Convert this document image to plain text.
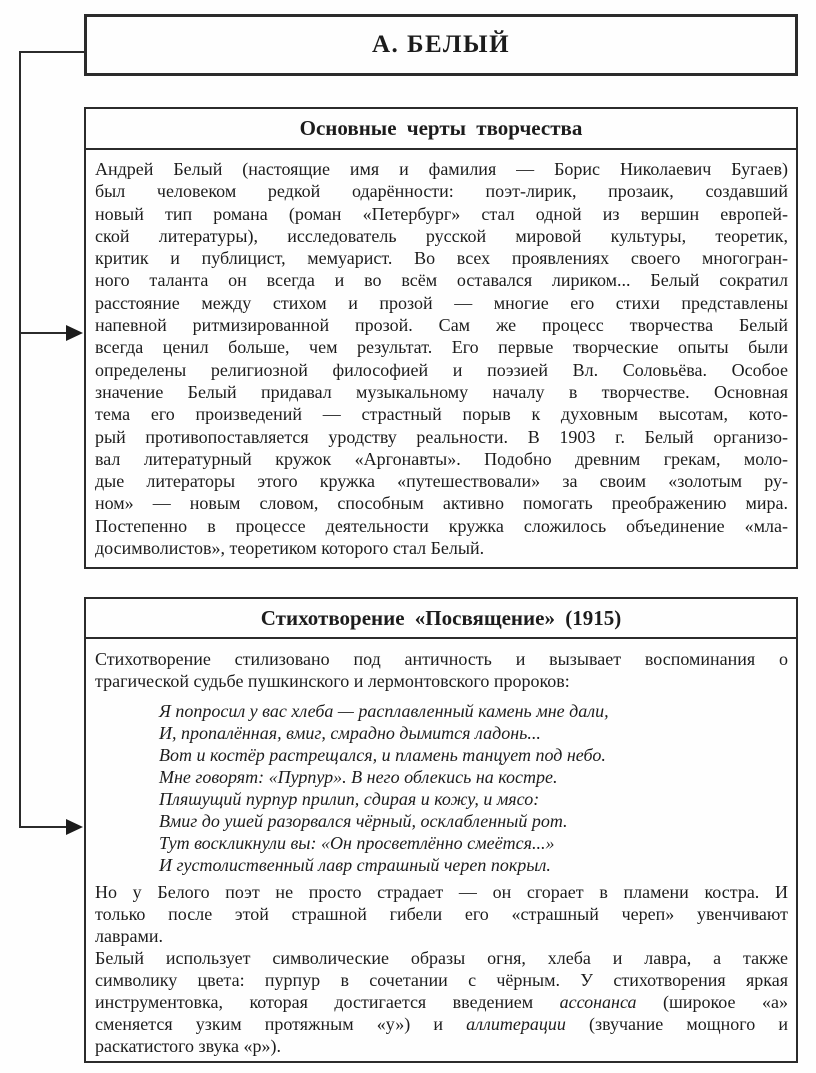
А. БЕЛЫЙ
Основные черты творчества
Андрей Белый (настоящие имя и фамилия — Борис Николаевич Бугаев)
был человеком редкой одарённости: поэт-лирик, прозаик, создавший
новый тип романа (роман «Петербург» стал одной из вершин европей-
ской литературы), исследователь русской мировой культуры, теоретик,
критик и публицист, мемуарист. Во всех проявлениях своего многогран-
ного таланта он всегда и во всём оставался лириком... Белый сократил
расстояние между стихом и прозой — многие его стихи представлены
напевной ритмизированной прозой. Сам же процесс творчества Белый
всегда ценил больше, чем результат. Его первые творческие опыты были
определены религиозной философией и поэзией Вл. Соловьёва. Особое
значение Белый придавал музыкальному началу в творчестве. Основная
тема его произведений — страстный порыв к духовным высотам, кото-
рый противопоставляется уродству реальности. В 1903 г. Белый организо-
вал литературный кружок «Аргонавты». Подобно древним грекам, моло-
дые литераторы этого кружка «путешествовали» за своим «золотым ру-
ном» — новым словом, способным активно помогать преображению мира.
Постепенно в процессе деятельности кружка сложилось объединение «мла-
досимволистов», теоретиком которого стал Белый.
Стихотворение «Посвящение» (1915)
Стихотворение стилизовано под античность и вызывает воспоминания о
трагической судьбе пушкинского и лермонтовского пророков:
Я попросил у вас хлеба — расплавленный камень мне дали,
И, пропалённая, вмиг, смрадно дымится ладонь...
Вот и костёр растрещался, и пламень танцует под небо.
Мне говорят: «Пурпур». В него облекись на костре.
Пляшущий пурпур прилип, сдирая и кожу, и мясо:
Вмиг до ушей разорвался чёрный, осклабленный рот.
Тут воскликнули вы: «Он просветлённо смеётся...»
И густолиственный лавр страшный череп покрыл.
Но у Белого поэт не просто страдает — он сгорает в пламени костра. И
только после этой страшной гибели его «страшный череп» увенчивают
лаврами.
Белый использует символические образы огня, хлеба и лавра, а также
символику цвета: пурпур в сочетании с чёрным. У стихотворения яркая
инструментовка, которая достигается введением ассонанса (широкое «а»
сменяется узким протяжным «у») и аллитерации (звучание мощного и
раскатистого звука «р»).
